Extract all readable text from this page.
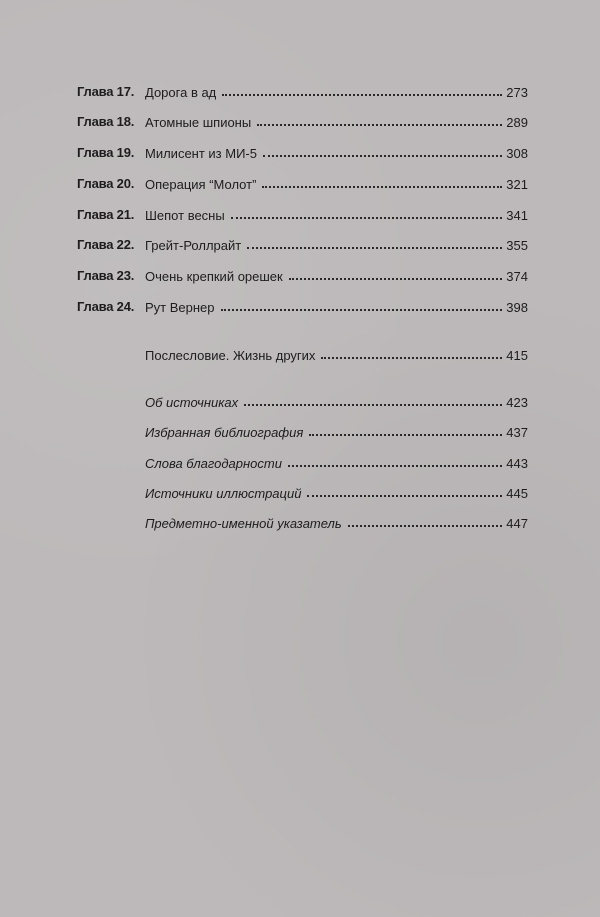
Глава 17. Дорога в ад	273
Глава 18. Атомные шпионы	289
Глава 19. Милисент из МИ-5	308
Глава 20. Операция “Молот”	321
Глава 21. Шепот весны	341
Глава 22. Грейт-Роллрайт	355
Глава 23. Очень крепкий орешек	374
Глава 24. Рут Вернер	398
Послесловие. Жизнь других	415
Об источниках	423
Избранная библиография	437
Слова благодарности	443
Источники иллюстраций	445
Предметно-именной указатель	447
